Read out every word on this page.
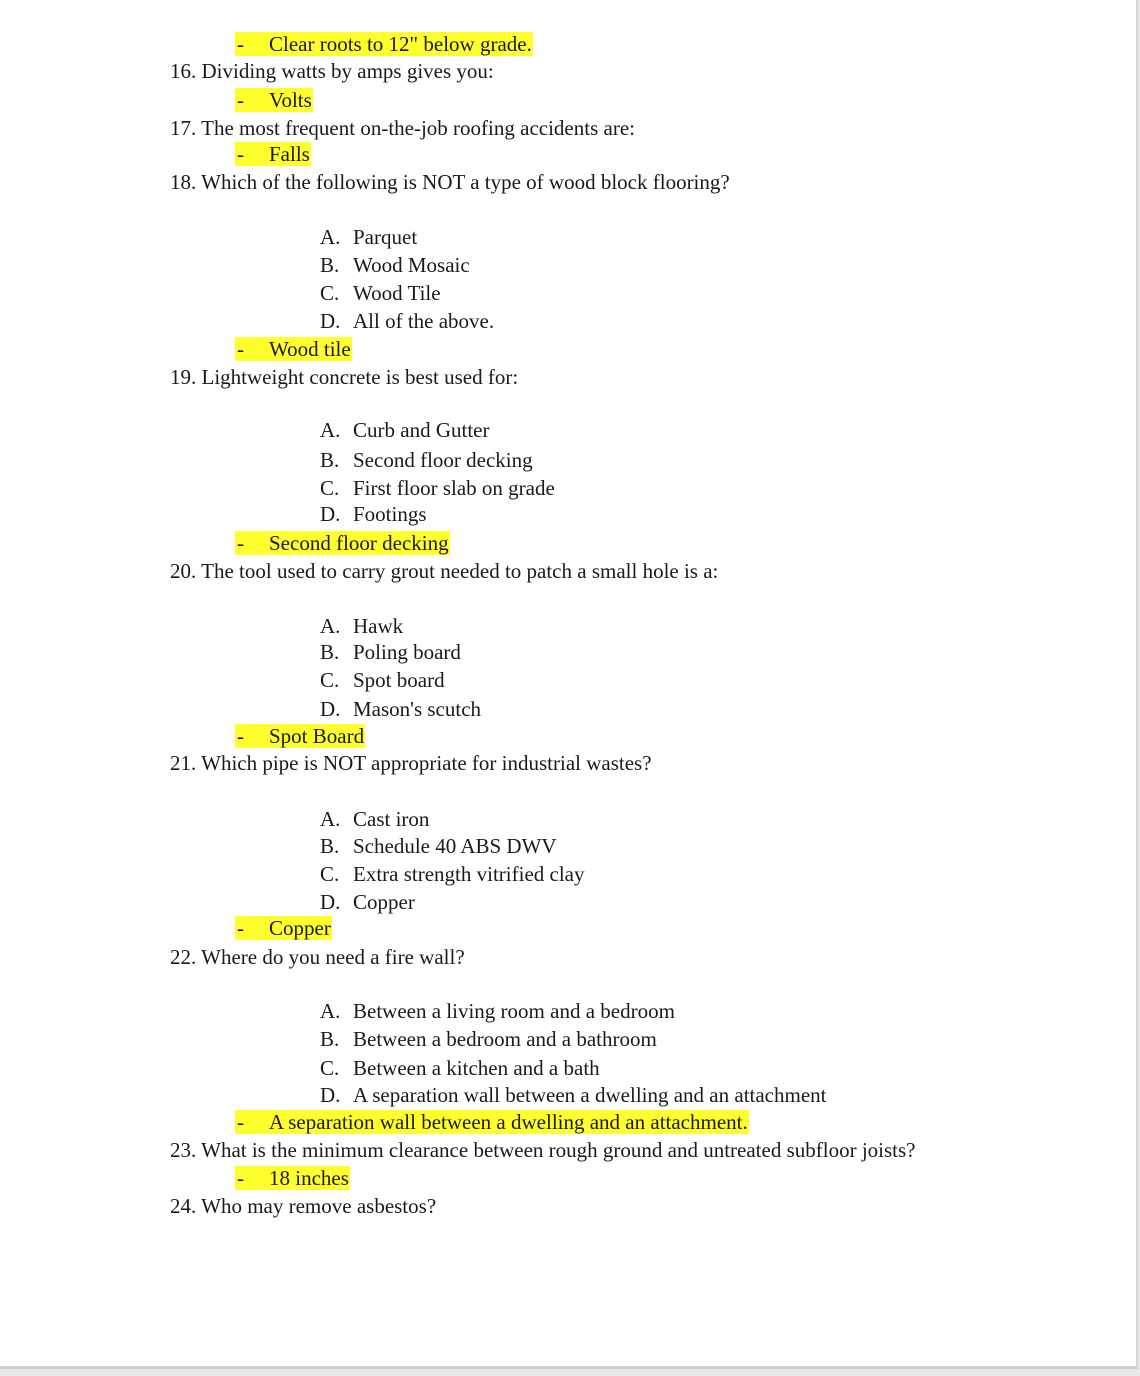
- Clear roots to 12" below grade.
16. Dividing watts by amps gives you:
- Volts
17. The most frequent on-the-job roofing accidents are:
- Falls
18. Which of the following is NOT a type of wood block flooring?
A. Parquet
B. Wood Mosaic
C. Wood Tile
D. All of the above.
- Wood tile
19. Lightweight concrete is best used for:
A. Curb and Gutter
B. Second floor decking
C. First floor slab on grade
D. Footings
- Second floor decking
20. The tool used to carry grout needed to patch a small hole is a:
A. Hawk
B. Poling board
C. Spot board
D. Mason's scutch
- Spot Board
21. Which pipe is NOT appropriate for industrial wastes?
A. Cast iron
B. Schedule 40 ABS DWV
C. Extra strength vitrified clay
D. Copper
- Copper
22. Where do you need a fire wall?
A. Between a living room and a bedroom
B. Between a bedroom and a bathroom
C. Between a kitchen and a bath
D. A separation wall between a dwelling and an attachment
- A separation wall between a dwelling and an attachment.
23. What is the minimum clearance between rough ground and untreated subfloor joists?
- 18 inches
24. Who may remove asbestos?
